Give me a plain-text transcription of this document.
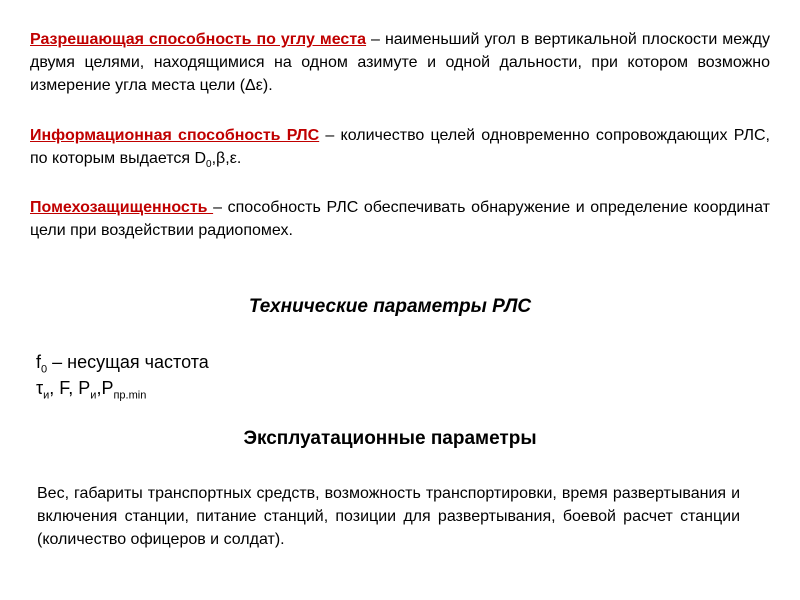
Разрешающая способность по углу места – наименьший угол в вертикальной плоскости между двумя целями, находящимися на одном азимуте и одной дальности, при котором возможно измерение угла места цели (Δε).

Информационная способность РЛС – количество целей одновременно сопровождающих РЛС, по которым выдается $D_0,\beta,\varepsilon$.

Помехозащищенность – способность РЛС обеспечивать обнаружение и определение координат цели при воздействии радиопомех.

Технические параметры РЛС

$f_0$ – несущая частота

$\tau_и$, F, $P_и,P_{пр.min}$

Эксплуатационные параметры

Вес, габариты транспортных средств, возможность транспортировки, время развертывания и включения станции, питание станций, позиции для развертывания, боевой расчет станции (количество офицеров и солдат).
